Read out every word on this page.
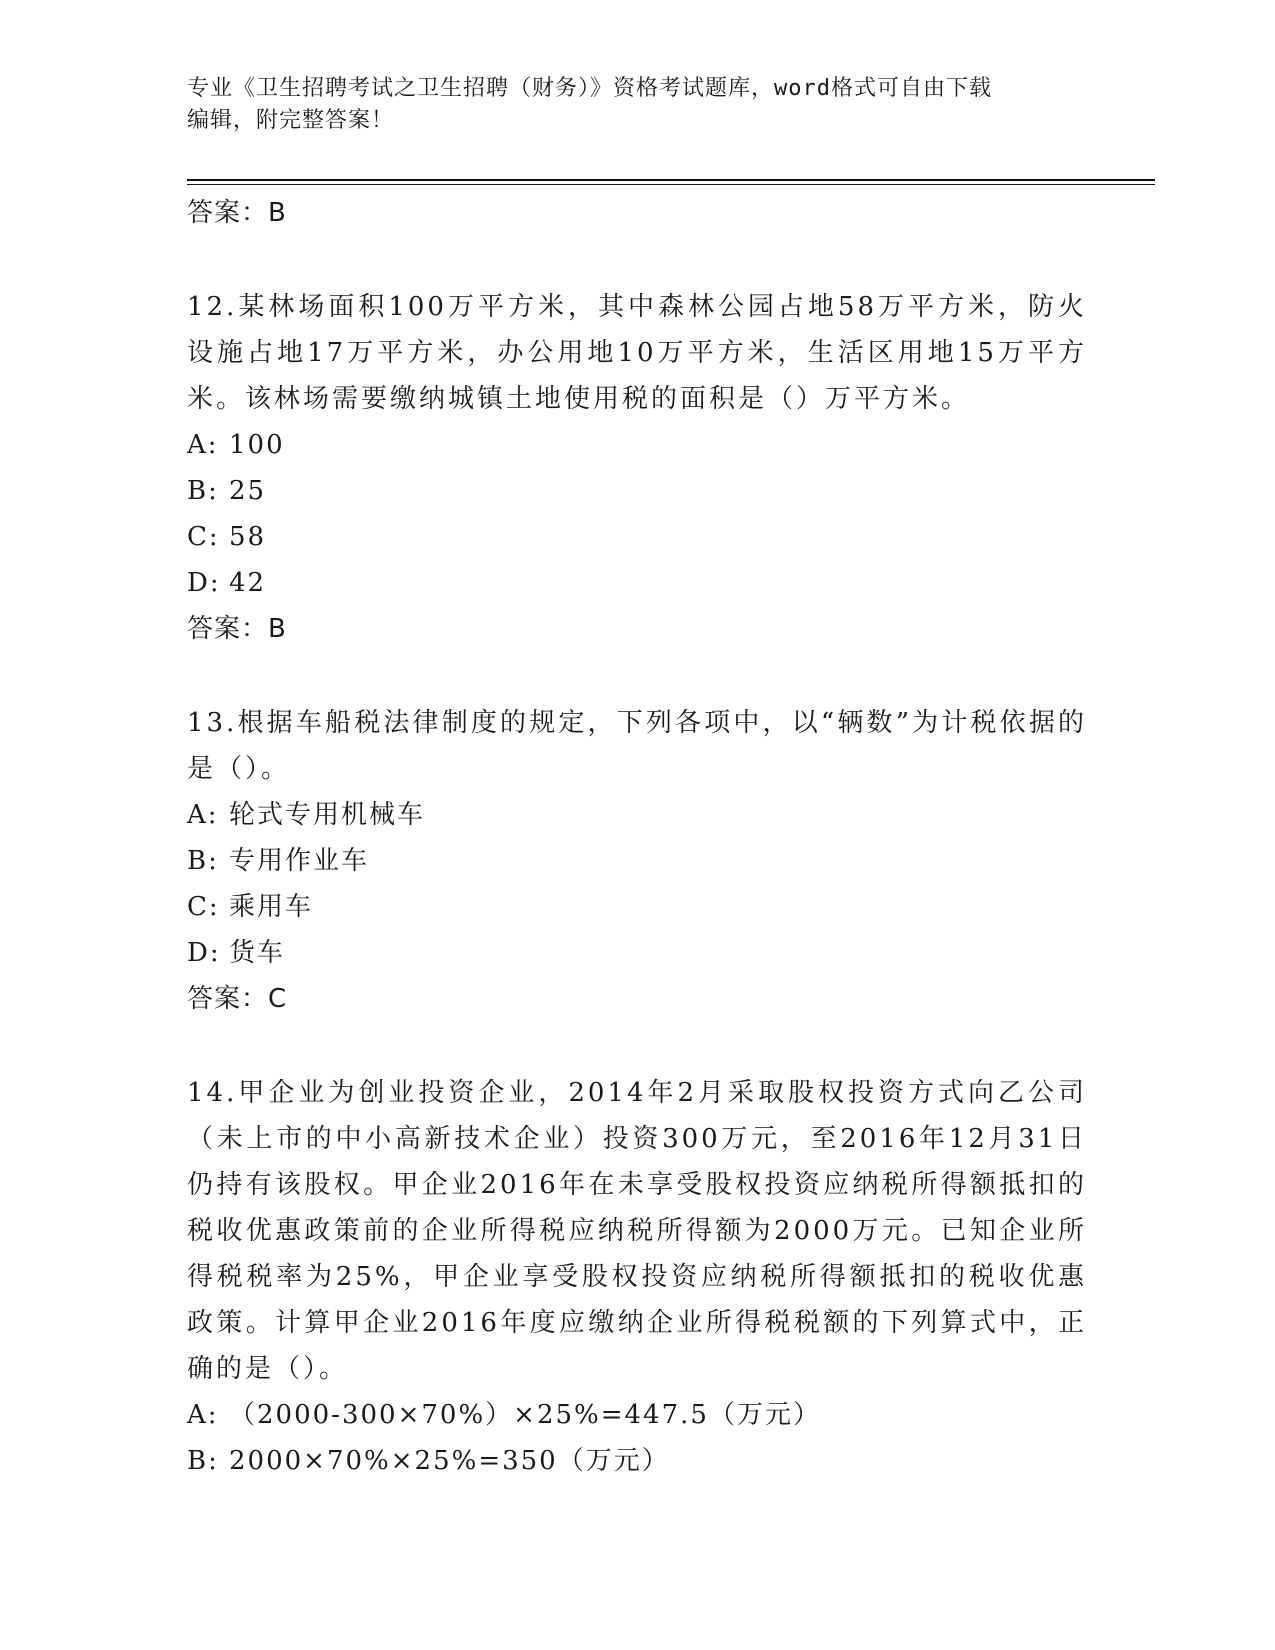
专业《卫生招聘考试之卫生招聘（财务）》资格考试题库，word格式可自由下载
编辑，附完整答案！
答案：B
12.某林场面积100万平方米，其中森林公园占地58万平方米，防火设施占地17万平方米，办公用地10万平方米，生活区用地15万平方米。该林场需要缴纳城镇土地使用税的面积是（）万平方米。
A: 100
B: 25
C: 58
D: 42
答案：B
13.根据车船税法律制度的规定，下列各项中，以“辆数”为计税依据的是（）。
A: 轮式专用机械车
B: 专用作业车
C: 乘用车
D: 货车
答案：C
14.甲企业为创业投资企业，2014年2月采取股权投资方式向乙公司（未上市的中小高新技术企业）投资300万元，至2016年12月31日仍持有该股权。甲企业2016年在未享受股权投资应纳税所得额抵扣的税收优惠政策前的企业所得税应纳税所得额为2000万元。已知企业所得税税率为25%，甲企业享受股权投资应纳税所得额抵扣的税收优惠政策。计算甲企业2016年度应缴纳企业所得税税额的下列算式中，正确的是（）。
A: （2000-300×70%）×25%=447.5（万元）
B: 2000×70%×25%=350（万元）
